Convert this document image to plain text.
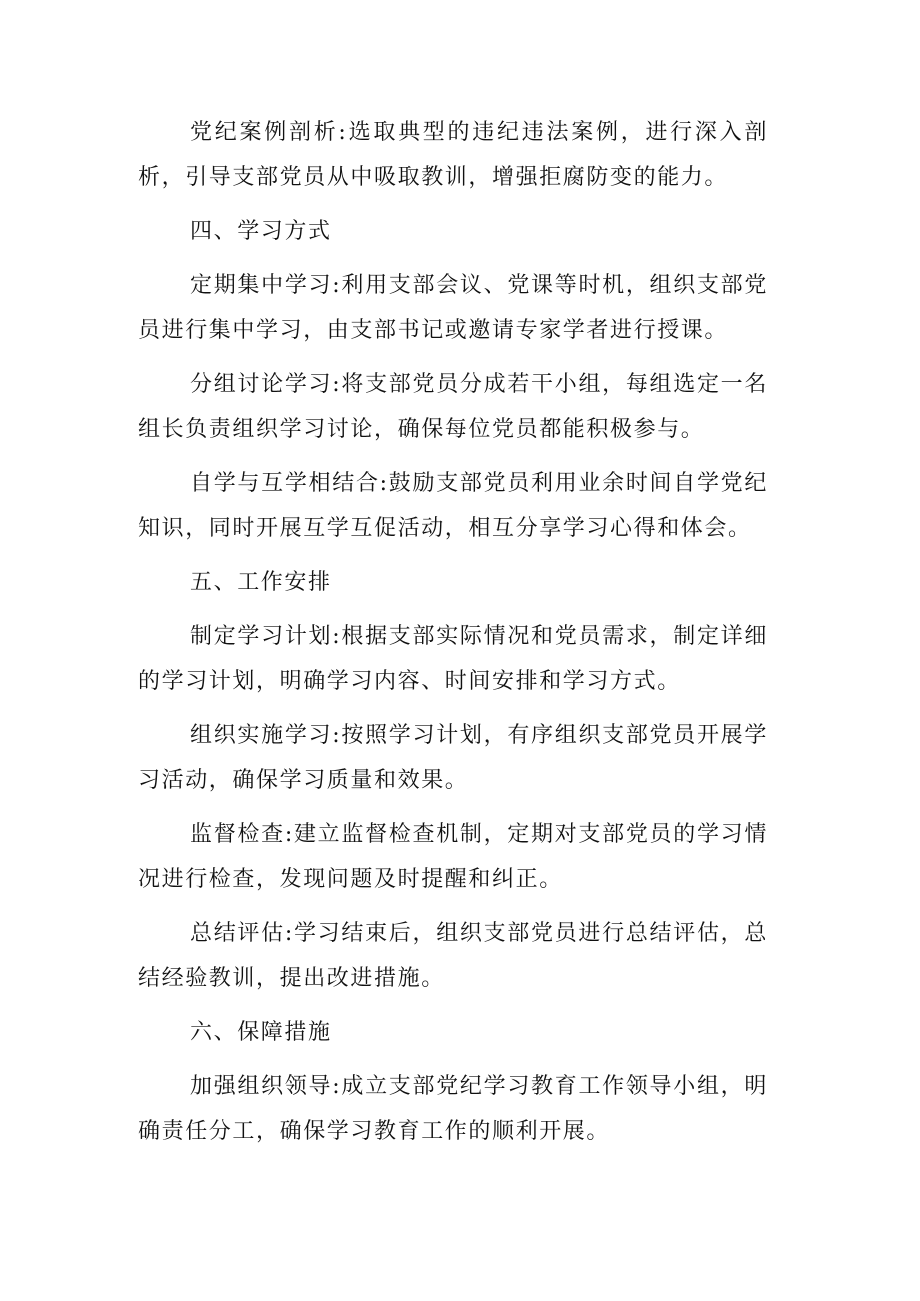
党纪案例剖析:选取典型的违纪违法案例，进行深入剖析，引导支部党员从中吸取教训，增强拒腐防变的能力。

四、学习方式

定期集中学习:利用支部会议、党课等时机，组织支部党员进行集中学习，由支部书记或邀请专家学者进行授课。

分组讨论学习:将支部党员分成若干小组，每组选定一名组长负责组织学习讨论，确保每位党员都能积极参与。

自学与互学相结合:鼓励支部党员利用业余时间自学党纪知识，同时开展互学互促活动，相互分享学习心得和体会。

五、工作安排

制定学习计划:根据支部实际情况和党员需求，制定详细的学习计划，明确学习内容、时间安排和学习方式。

组织实施学习:按照学习计划，有序组织支部党员开展学习活动，确保学习质量和效果。

监督检查:建立监督检查机制，定期对支部党员的学习情况进行检查，发现问题及时提醒和纠正。

总结评估:学习结束后，组织支部党员进行总结评估，总结经验教训，提出改进措施。

六、保障措施

加强组织领导:成立支部党纪学习教育工作领导小组，明确责任分工，确保学习教育工作的顺利开展。
